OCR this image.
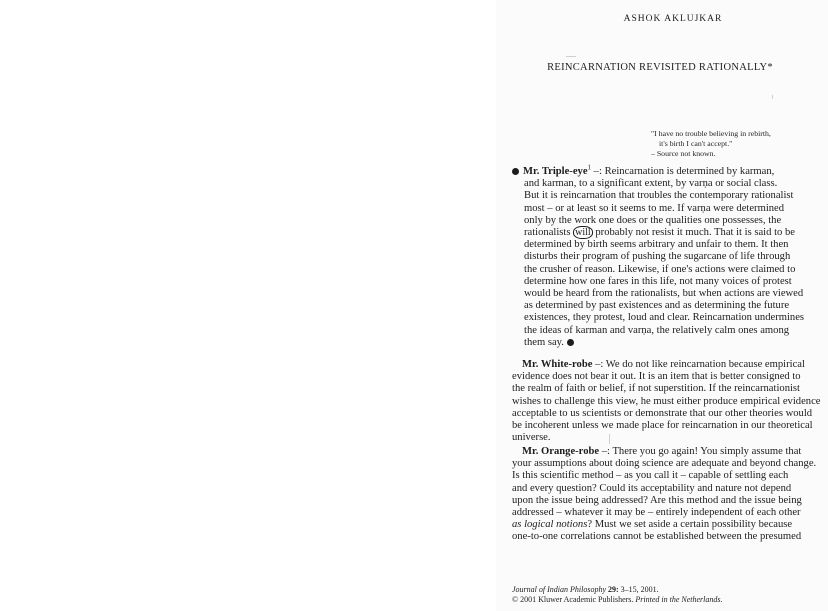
ASHOK AKLUJKAR
REINCARNATION REVISITED RATIONALLY*
"I have no trouble believing in rebirth,
it's birth I can't accept."
– Source not known.
Mr. Triple-eye$^1$ –: Reincarnation is determined by karman,
and karman, to a significant extent, by varṇa or social class.
But it is reincarnation that troubles the contemporary rationalist
most – or at least so it seems to me. If varṇa were determined
only by the work one does or the qualities one possesses, the
rationalists will probably not resist it much. That it is said to be
determined by birth seems arbitrary and unfair to them. It then
disturbs their program of pushing the sugarcane of life through
the crusher of reason. Likewise, if one's actions were claimed to
determine how one fares in this life, not many voices of protest
would be heard from the rationalists, but when actions are viewed
as determined by past existences and as determining the future
existences, they protest, loud and clear. Reincarnation undermines
the ideas of karman and varṇa, the relatively calm ones among
them say.
Mr. White-robe –: We do not like reincarnation because empirical
evidence does not bear it out. It is an item that is better consigned to
the realm of faith or belief, if not superstition. If the reincarnationist
wishes to challenge this view, he must either produce empirical evidence
acceptable to us scientists or demonstrate that our other theories would
be incoherent unless we made place for reincarnation in our theoretical
universe.
Mr. Orange-robe –: There you go again! You simply assume that
your assumptions about doing science are adequate and beyond change.
Is this scientific method – as you call it – capable of settling each
and every question? Could its acceptability and nature not depend
upon the issue being addressed? Are this method and the issue being
addressed – whatever it may be – entirely independent of each other
as logical notions? Must we set aside a certain possibility because
one-to-one correlations cannot be established between the presumed
Journal of Indian Philosophy 29: 3–15, 2001.
© 2001 Kluwer Academic Publishers. Printed in the Netherlands.
